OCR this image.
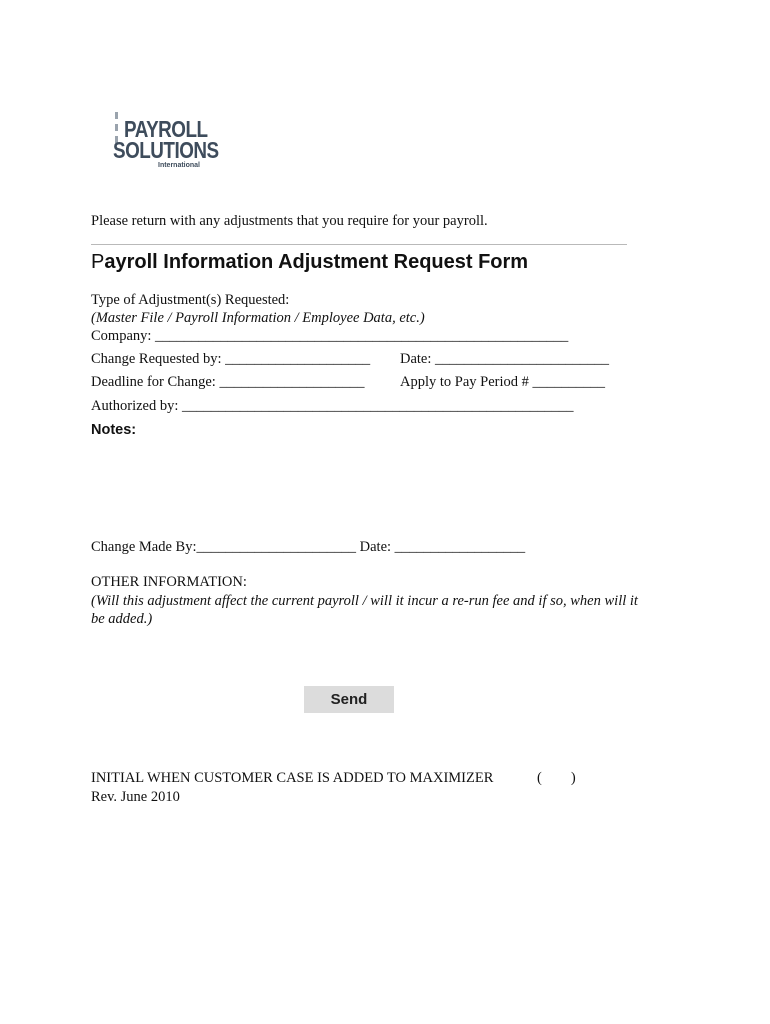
PAYROLL
SOLUTIONS
International
Please return with any adjustments that you require for your payroll.
Payroll Information Adjustment Request Form
Type of Adjustment(s) Requested:
(Master File / Payroll Information / Employee Data, etc.)
Company: _________________________________________________________
Change Requested by: ____________________ Date: ________________________
Deadline for Change: ____________________ Apply to Pay Period # __________
Authorized by: ______________________________________________________
Notes:
Change Made By:______________________ Date: __________________
OTHER INFORMATION:
(Will this adjustment affect the current payroll / will it incur a re-run fee and if so, when will it
be added.)
Send
INITIAL WHEN CUSTOMER CASE IS ADDED TO MAXIMIZER	(        )
Rev. June 2010
